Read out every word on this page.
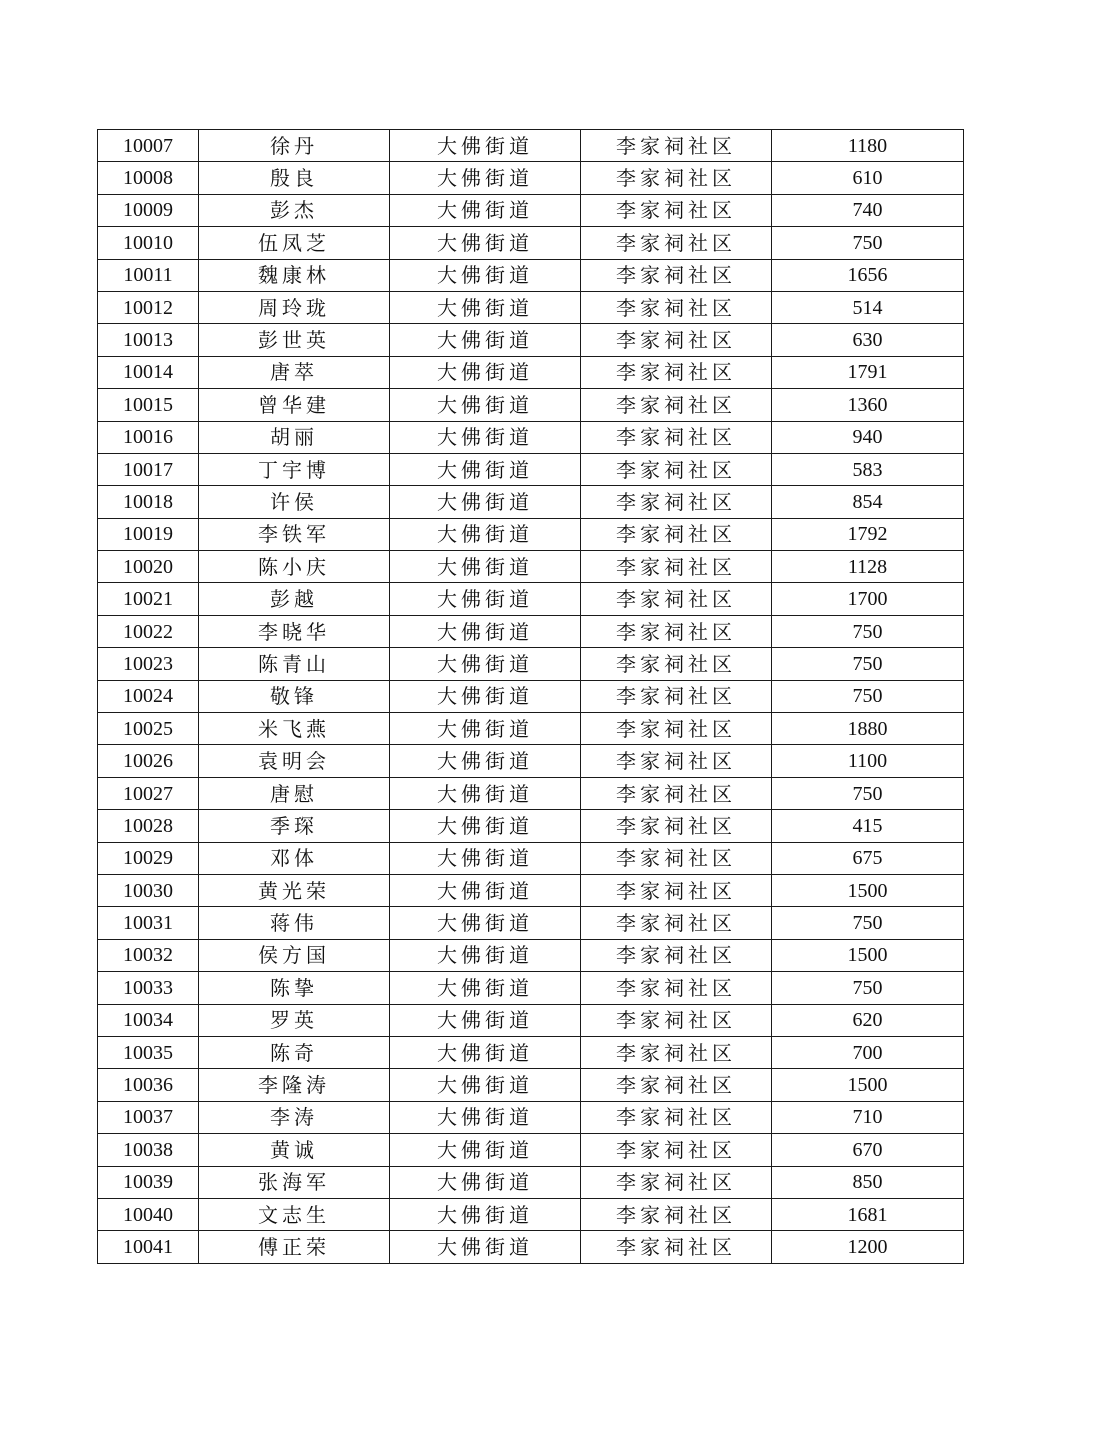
10007	徐丹	大佛街道	李家祠社区	1180
10008	殷良	大佛街道	李家祠社区	610
10009	彭杰	大佛街道	李家祠社区	740
10010	伍凤芝	大佛街道	李家祠社区	750
10011	魏康林	大佛街道	李家祠社区	1656
10012	周玲珑	大佛街道	李家祠社区	514
10013	彭世英	大佛街道	李家祠社区	630
10014	唐萃	大佛街道	李家祠社区	1791
10015	曾华建	大佛街道	李家祠社区	1360
10016	胡丽	大佛街道	李家祠社区	940
10017	丁宇博	大佛街道	李家祠社区	583
10018	许侯	大佛街道	李家祠社区	854
10019	李铁军	大佛街道	李家祠社区	1792
10020	陈小庆	大佛街道	李家祠社区	1128
10021	彭越	大佛街道	李家祠社区	1700
10022	李晓华	大佛街道	李家祠社区	750
10023	陈青山	大佛街道	李家祠社区	750
10024	敬锋	大佛街道	李家祠社区	750
10025	米飞燕	大佛街道	李家祠社区	1880
10026	袁明会	大佛街道	李家祠社区	1100
10027	唐慰	大佛街道	李家祠社区	750
10028	季琛	大佛街道	李家祠社区	415
10029	邓体	大佛街道	李家祠社区	675
10030	黄光荣	大佛街道	李家祠社区	1500
10031	蒋伟	大佛街道	李家祠社区	750
10032	侯方国	大佛街道	李家祠社区	1500
10033	陈挚	大佛街道	李家祠社区	750
10034	罗英	大佛街道	李家祠社区	620
10035	陈奇	大佛街道	李家祠社区	700
10036	李隆涛	大佛街道	李家祠社区	1500
10037	李涛	大佛街道	李家祠社区	710
10038	黄诚	大佛街道	李家祠社区	670
10039	张海军	大佛街道	李家祠社区	850
10040	文志生	大佛街道	李家祠社区	1681
10041	傅正荣	大佛街道	李家祠社区	1200
